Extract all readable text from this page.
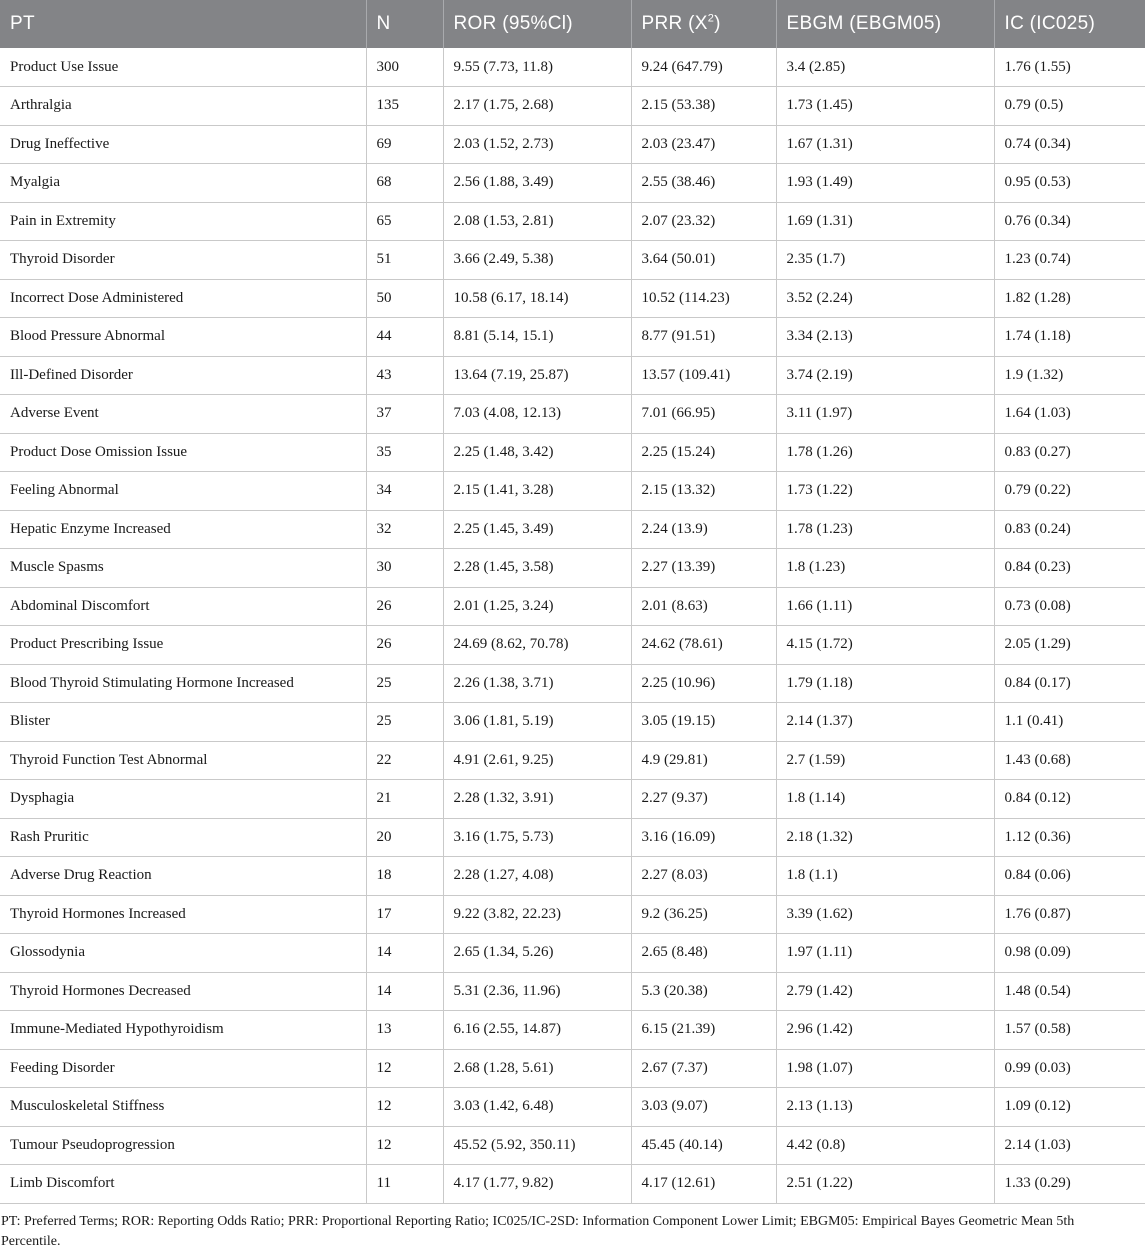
PT	N	ROR (95%Cl)	PRR $(X^2)$	EBGM (EBGM05)	IC (IC025)
Product Use Issue	300	9.55 (7.73, 11.8)	9.24 (647.79)	3.4 (2.85)	1.76 (1.55)
Arthralgia	135	2.17 (1.75, 2.68)	2.15 (53.38)	1.73 (1.45)	0.79 (0.5)
Drug Ineffective	69	2.03 (1.52, 2.73)	2.03 (23.47)	1.67 (1.31)	0.74 (0.34)
Myalgia	68	2.56 (1.88, 3.49)	2.55 (38.46)	1.93 (1.49)	0.95 (0.53)
Pain in Extremity	65	2.08 (1.53, 2.81)	2.07 (23.32)	1.69 (1.31)	0.76 (0.34)
Thyroid Disorder	51	3.66 (2.49, 5.38)	3.64 (50.01)	2.35 (1.7)	1.23 (0.74)
Incorrect Dose Administered	50	10.58 (6.17, 18.14)	10.52 (114.23)	3.52 (2.24)	1.82 (1.28)
Blood Pressure Abnormal	44	8.81 (5.14, 15.1)	8.77 (91.51)	3.34 (2.13)	1.74 (1.18)
Ill-Defined Disorder	43	13.64 (7.19, 25.87)	13.57 (109.41)	3.74 (2.19)	1.9 (1.32)
Adverse Event	37	7.03 (4.08, 12.13)	7.01 (66.95)	3.11 (1.97)	1.64 (1.03)
Product Dose Omission Issue	35	2.25 (1.48, 3.42)	2.25 (15.24)	1.78 (1.26)	0.83 (0.27)
Feeling Abnormal	34	2.15 (1.41, 3.28)	2.15 (13.32)	1.73 (1.22)	0.79 (0.22)
Hepatic Enzyme Increased	32	2.25 (1.45, 3.49)	2.24 (13.9)	1.78 (1.23)	0.83 (0.24)
Muscle Spasms	30	2.28 (1.45, 3.58)	2.27 (13.39)	1.8 (1.23)	0.84 (0.23)
Abdominal Discomfort	26	2.01 (1.25, 3.24)	2.01 (8.63)	1.66 (1.11)	0.73 (0.08)
Product Prescribing Issue	26	24.69 (8.62, 70.78)	24.62 (78.61)	4.15 (1.72)	2.05 (1.29)
Blood Thyroid Stimulating Hormone Increased	25	2.26 (1.38, 3.71)	2.25 (10.96)	1.79 (1.18)	0.84 (0.17)
Blister	25	3.06 (1.81, 5.19)	3.05 (19.15)	2.14 (1.37)	1.1 (0.41)
Thyroid Function Test Abnormal	22	4.91 (2.61, 9.25)	4.9 (29.81)	2.7 (1.59)	1.43 (0.68)
Dysphagia	21	2.28 (1.32, 3.91)	2.27 (9.37)	1.8 (1.14)	0.84 (0.12)
Rash Pruritic	20	3.16 (1.75, 5.73)	3.16 (16.09)	2.18 (1.32)	1.12 (0.36)
Adverse Drug Reaction	18	2.28 (1.27, 4.08)	2.27 (8.03)	1.8 (1.1)	0.84 (0.06)
Thyroid Hormones Increased	17	9.22 (3.82, 22.23)	9.2 (36.25)	3.39 (1.62)	1.76 (0.87)
Glossodynia	14	2.65 (1.34, 5.26)	2.65 (8.48)	1.97 (1.11)	0.98 (0.09)
Thyroid Hormones Decreased	14	5.31 (2.36, 11.96)	5.3 (20.38)	2.79 (1.42)	1.48 (0.54)
Immune-Mediated Hypothyroidism	13	6.16 (2.55, 14.87)	6.15 (21.39)	2.96 (1.42)	1.57 (0.58)
Feeding Disorder	12	2.68 (1.28, 5.61)	2.67 (7.37)	1.98 (1.07)	0.99 (0.03)
Musculoskeletal Stiffness	12	3.03 (1.42, 6.48)	3.03 (9.07)	2.13 (1.13)	1.09 (0.12)
Tumour Pseudoprogression	12	45.52 (5.92, 350.11)	45.45 (40.14)	4.42 (0.8)	2.14 (1.03)
Limb Discomfort	11	4.17 (1.77, 9.82)	4.17 (12.61)	2.51 (1.22)	1.33 (0.29)
PT: Preferred Terms; ROR: Reporting Odds Ratio; PRR: Proportional Reporting Ratio; IC025/IC-2SD: Information Component Lower Limit; EBGM05: Empirical Bayes Geometric Mean 5th Percentile.
